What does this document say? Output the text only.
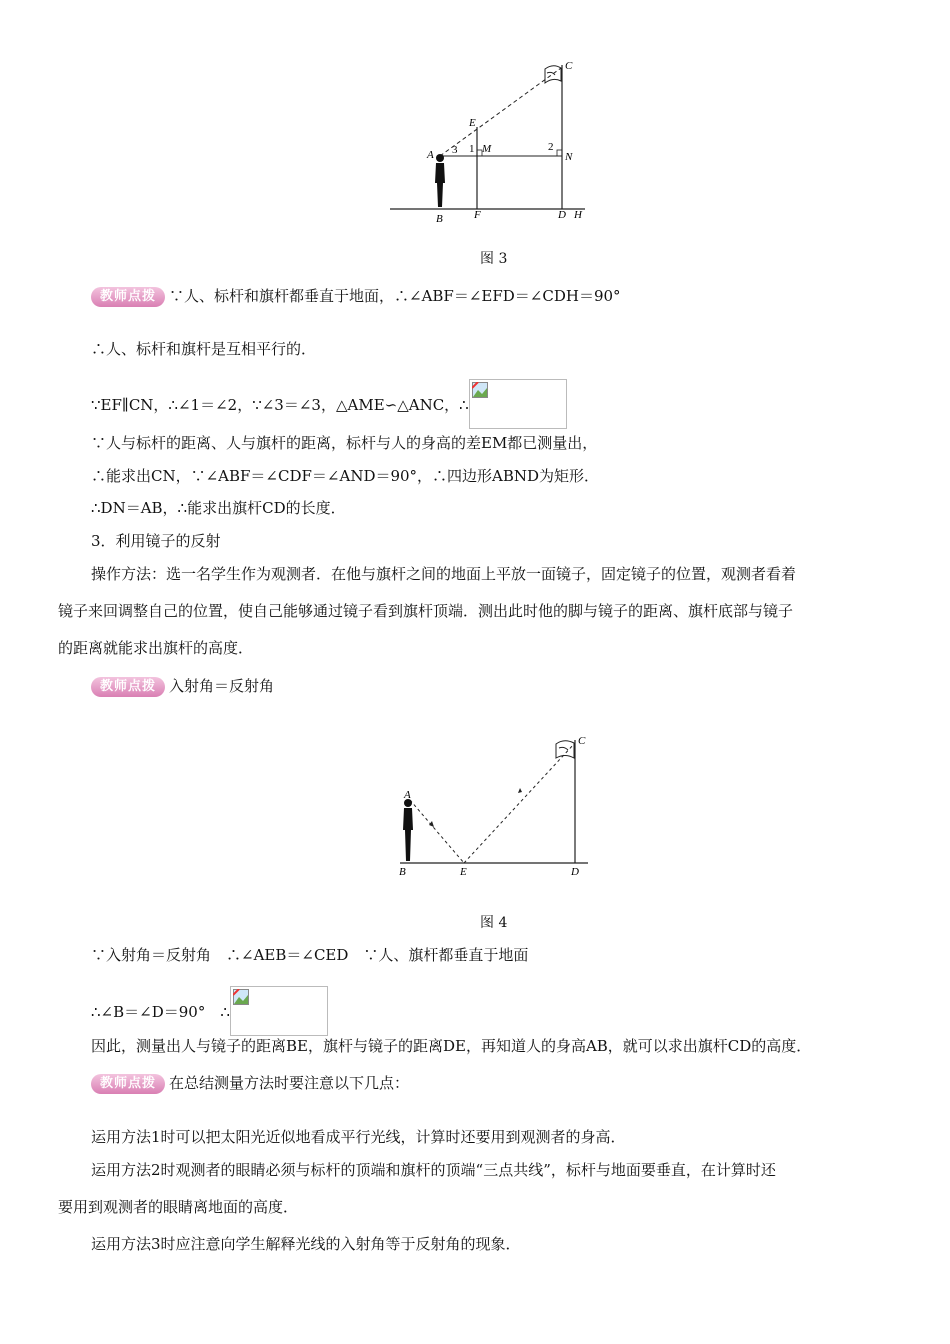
A
B
C
D
E
F	H
M
N
1	2
3
图 3
教师点拨 ∵人、标杆和旗杆都垂直于地面，∴∠ABF＝∠EFD＝∠CDH＝90°
∴人、标杆和旗杆是互相平行的．
∵EF∥CN，∴∠1＝∠2，∵∠3＝∠3，△AME∽△ANC，∴
∵人与标杆的距离、人与旗杆的距离，标杆与人的身高的差EM都已测量出，
∴能求出CN，∵∠ABF＝∠CDF＝∠AND＝90°，∴四边形ABND为矩形．
∴DN＝AB，∴能求出旗杆CD的长度．
3．利用镜子的反射
操作方法：选一名学生作为观测者．在他与旗杆之间的地面上平放一面镜子，固定镜子的位置，观测者看着
镜子来回调整自己的位置，使自己能够通过镜子看到旗杆顶端．测出此时他的脚与镜子的距离、旗杆底部与镜子
的距离就能求出旗杆的高度．
教师点拨 入射角＝反射角
A
B
C
D
E
图 4
∵入射角＝反射角　∴∠AEB＝∠CED　∵人、旗杆都垂直于地面
∴∠B＝∠D＝90°　∴
因此，测量出人与镜子的距离BE，旗杆与镜子的距离DE，再知道人的身高AB，就可以求出旗杆CD的高度．
教师点拨 在总结测量方法时要注意以下几点：
运用方法1时可以把太阳光近似地看成平行光线，计算时还要用到观测者的身高．
运用方法2时观测者的眼睛必须与标杆的顶端和旗杆的顶端“三点共线”，标杆与地面要垂直，在计算时还
要用到观测者的眼睛离地面的高度．
运用方法3时应注意向学生解释光线的入射角等于反射角的现象．
